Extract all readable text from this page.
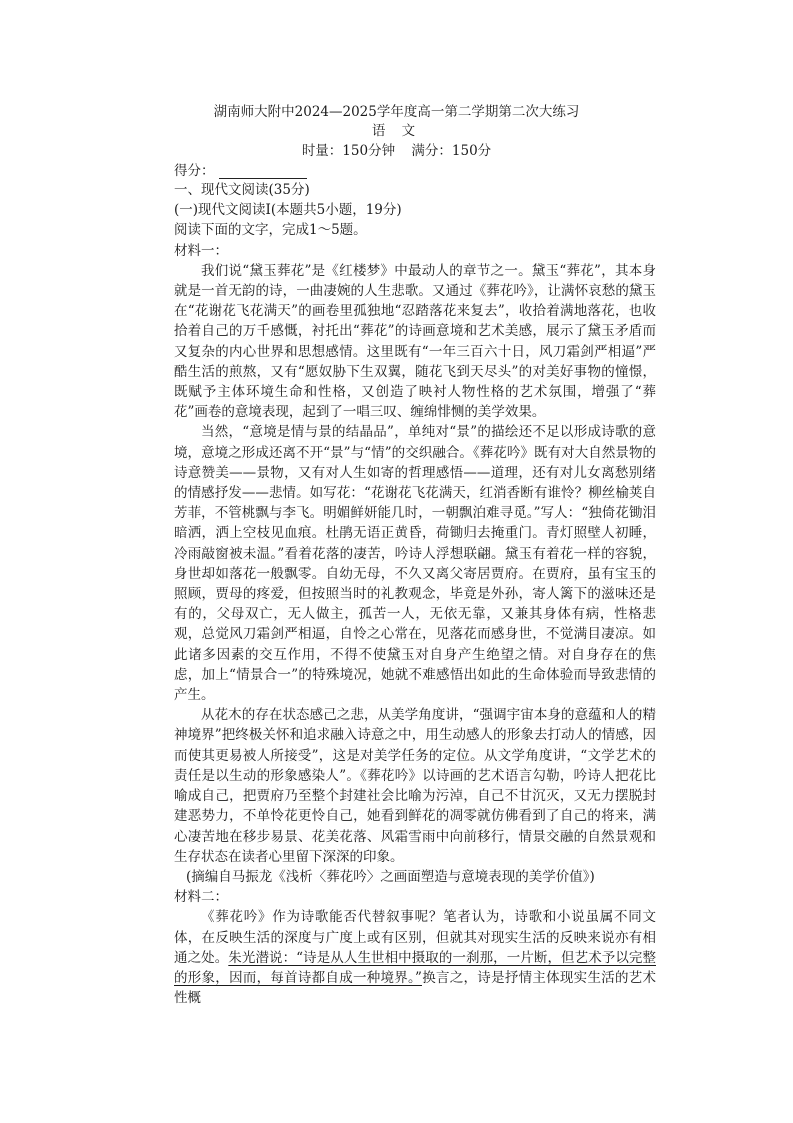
湖南师大附中2024—2025学年度高一第二学期第二次大练习
语 文
时量：150分钟 满分：150分
得分：

一、现代文阅读(35分)

(一)现代文阅读Ⅰ(本题共5小题，19分)

阅读下面的文字，完成1～5题。

材料一：

我们说“黛玉葬花”是《红楼梦》中最动人的章节之一。黛玉“葬花”，其本身就是一首无韵的诗，一曲凄婉的人生悲歌。又通过《葬花吟》，让满怀哀愁的黛玉在“花谢花飞花满天”的画卷里孤独地“忍踏落花来复去”，收拾着满地落花，也收拾着自己的万千感慨，衬托出“葬花”的诗画意境和艺术美感，展示了黛玉矛盾而又复杂的内心世界和思想感情。这里既有“一年三百六十日，风刀霜剑严相逼”严酷生活的煎熬，又有“愿奴胁下生双翼，随花飞到天尽头”的对美好事物的憧憬，既赋予主体环境生命和性格，又创造了映衬人物性格的艺术氛围，增强了“葬花”画卷的意境表现，起到了一唱三叹、缠绵悱恻的美学效果。

当然，“意境是情与景的结晶品”，单纯对“景”的描绘还不足以形成诗歌的意境，意境之形成还离不开“景”与“情”的交织融合。《葬花吟》既有对大自然景物的诗意赞美——景物，又有对人生如寄的哲理感悟——道理，还有对儿女离愁别绪的情感抒发——悲情。如写花：“花谢花飞花满天，红消香断有谁怜？柳丝榆荚自芳菲，不管桃飘与李飞。明媚鲜妍能几时，一朝飘泊难寻觅。”写人：“独倚花锄泪暗洒，洒上空枝见血痕。杜鹃无语正黄昏，荷锄归去掩重门。青灯照壁人初睡，冷雨敲窗被未温。”看着花落的凄苦，吟诗人浮想联翩。黛玉有着花一样的容貌，身世却如落花一般飘零。自幼无母，不久又离父寄居贾府。在贾府，虽有宝玉的照顾，贾母的疼爱，但按照当时的礼教观念，毕竟是外孙，寄人篱下的滋味还是有的，父母双亡，无人做主，孤苦一人，无依无靠，又兼其身体有病，性格悲观，总觉风刀霜剑严相逼，自怜之心常在，见落花而感身世，不觉满目凄凉。如此诸多因素的交互作用，不得不使黛玉对自身产生绝望之情。对自身存在的焦虑，加上“情景合一”的特殊境况，她就不难感悟出如此的生命体验而导致悲情的产生。

从花木的存在状态感己之悲，从美学角度讲，“强调宇宙本身的意蕴和人的精神境界”把终极关怀和追求融入诗意之中，用生动感人的形象去打动人的情感，因而使其更易被人所接受”，这是对美学任务的定位。从文学角度讲，“文学艺术的责任是以生动的形象感染人”。《葬花吟》以诗画的艺术语言勾勒，吟诗人把花比喻成自己，把贾府乃至整个封建社会比喻为污淖，自己不甘沉灭，又无力摆脱封建恶势力，不单怜花更怜自己，她看到鲜花的凋零就仿佛看到了自己的将来，满心凄苦地在移步易景、花美花落、风霜雪雨中向前移行，情景交融的自然景观和生存状态在读者心里留下深深的印象。

(摘编自马振龙《浅析〈葬花吟〉之画面塑造与意境表现的美学价值》)

材料二：

《葬花吟》作为诗歌能否代替叙事呢？笔者认为，诗歌和小说虽属不同文体，在反映生活的深度与广度上或有区别，但就其对现实生活的反映来说亦有相通之处。朱光潜说：“诗是从人生世相中摄取的一刹那，一片断，但艺术予以完整的形象，因而，每首诗都自成一种境界。”换言之，诗是抒情主体现实生活的艺术性概
